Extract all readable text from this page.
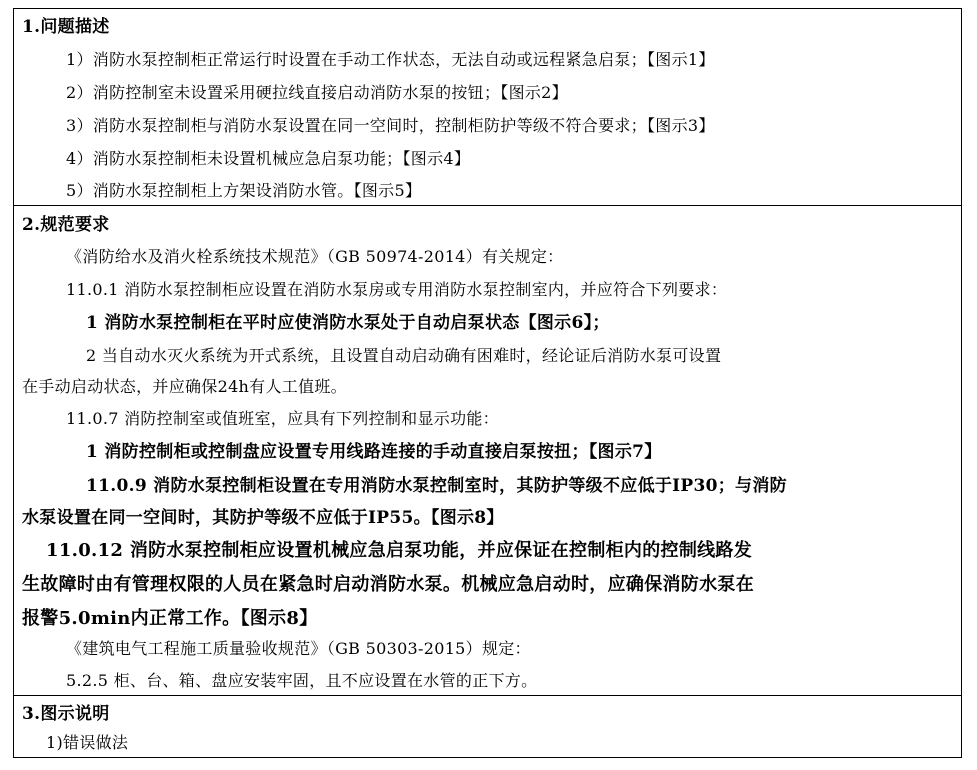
1.问题描述
1）消防水泵控制柜正常运行时设置在手动工作状态，无法自动或远程紧急启泵；【图示1】
2）消防控制室未设置采用硬拉线直接启动消防水泵的按钮；【图示2】
3）消防水泵控制柜与消防水泵设置在同一空间时，控制柜防护等级不符合要求；【图示3】
4）消防水泵控制柜未设置机械应急启泵功能；【图示4】
5）消防水泵控制柜上方架设消防水管。【图示5】
2.规范要求
《消防给水及消火栓系统技术规范》（GB 50974-2014）有关规定：
11.0.1 消防水泵控制柜应设置在消防水泵房或专用消防水泵控制室内，并应符合下列要求：
1 消防水泵控制柜在平时应使消防水泵处于自动启泵状态【图示6】；
2 当自动水灭火系统为开式系统，且设置自动启动确有困难时，经论证后消防水泵可设置
在手动启动状态，并应确保24h有人工值班。
11.0.7 消防控制室或值班室，应具有下列控制和显示功能：
1 消防控制柜或控制盘应设置专用线路连接的手动直接启泵按扭；【图示7】
11.0.9 消防水泵控制柜设置在专用消防水泵控制室时，其防护等级不应低于IP30；与消防
水泵设置在同一空间时，其防护等级不应低于IP55。【图示8】
11.0.12 消防水泵控制柜应设置机械应急启泵功能，并应保证在控制柜内的控制线路发
生故障时由有管理权限的人员在紧急时启动消防水泵。机械应急启动时，应确保消防水泵在
报警5.0min内正常工作。【图示8】
《建筑电气工程施工质量验收规范》（GB 50303-2015）规定：
5.2.5 柜、台、箱、盘应安装牢固，且不应设置在水管的正下方。
3.图示说明
1)错误做法
